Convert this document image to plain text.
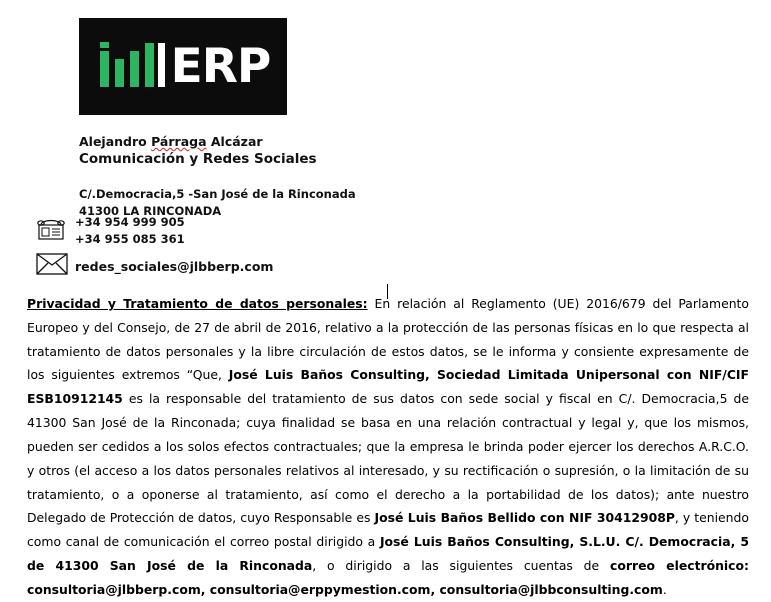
ERP
Alejandro Párraga Alcázar
Comunicación y Redes Sociales
C/.Democracia,5 -San José de la Rinconada
41300 LA RINCONADA
+34 954 999 905
+34 955 085 361
redes_sociales@jlbberp.com
Privacidad y Tratamiento de datos personales: En relación al Reglamento (UE) 2016/679 del Parlamento Europeo y del Consejo, de 27 de abril de 2016, relativo a la protección de las personas físicas en lo que respecta al tratamiento de datos personales y la libre circulación de estos datos, se le informa y consiente expresamente de los siguientes extremos “Que, José Luis Baños Consulting, Sociedad Limitada Unipersonal con NIF/CIF ESB10912145 es la responsable del tratamiento de sus datos con sede social y fiscal en C/. Democracia,5 de 41300 San José de la Rinconada; cuya finalidad se basa en una relación contractual y legal y, que los mismos, pueden ser cedidos a los solos efectos contractuales; que la empresa le brinda poder ejercer los derechos A.R.C.O. y otros (el acceso a los datos personales relativos al interesado, y su rectificación o supresión, o la limitación de su tratamiento, o a oponerse al tratamiento, así como el derecho a la portabilidad de los datos); ante nuestro Delegado de Protección de datos, cuyo Responsable es José Luis Baños Bellido con NIF 30412908P, y teniendo como canal de comunicación el correo postal dirigido a José Luis Baños Consulting, S.L.U. C/. Democracia, 5 de 41300 San José de la Rinconada, o dirigido a las siguientes cuentas de correo electrónico: consultoria@jlbberp.com, consultoria@erppymestion.com, consultoria@jlbbconsulting.com.
